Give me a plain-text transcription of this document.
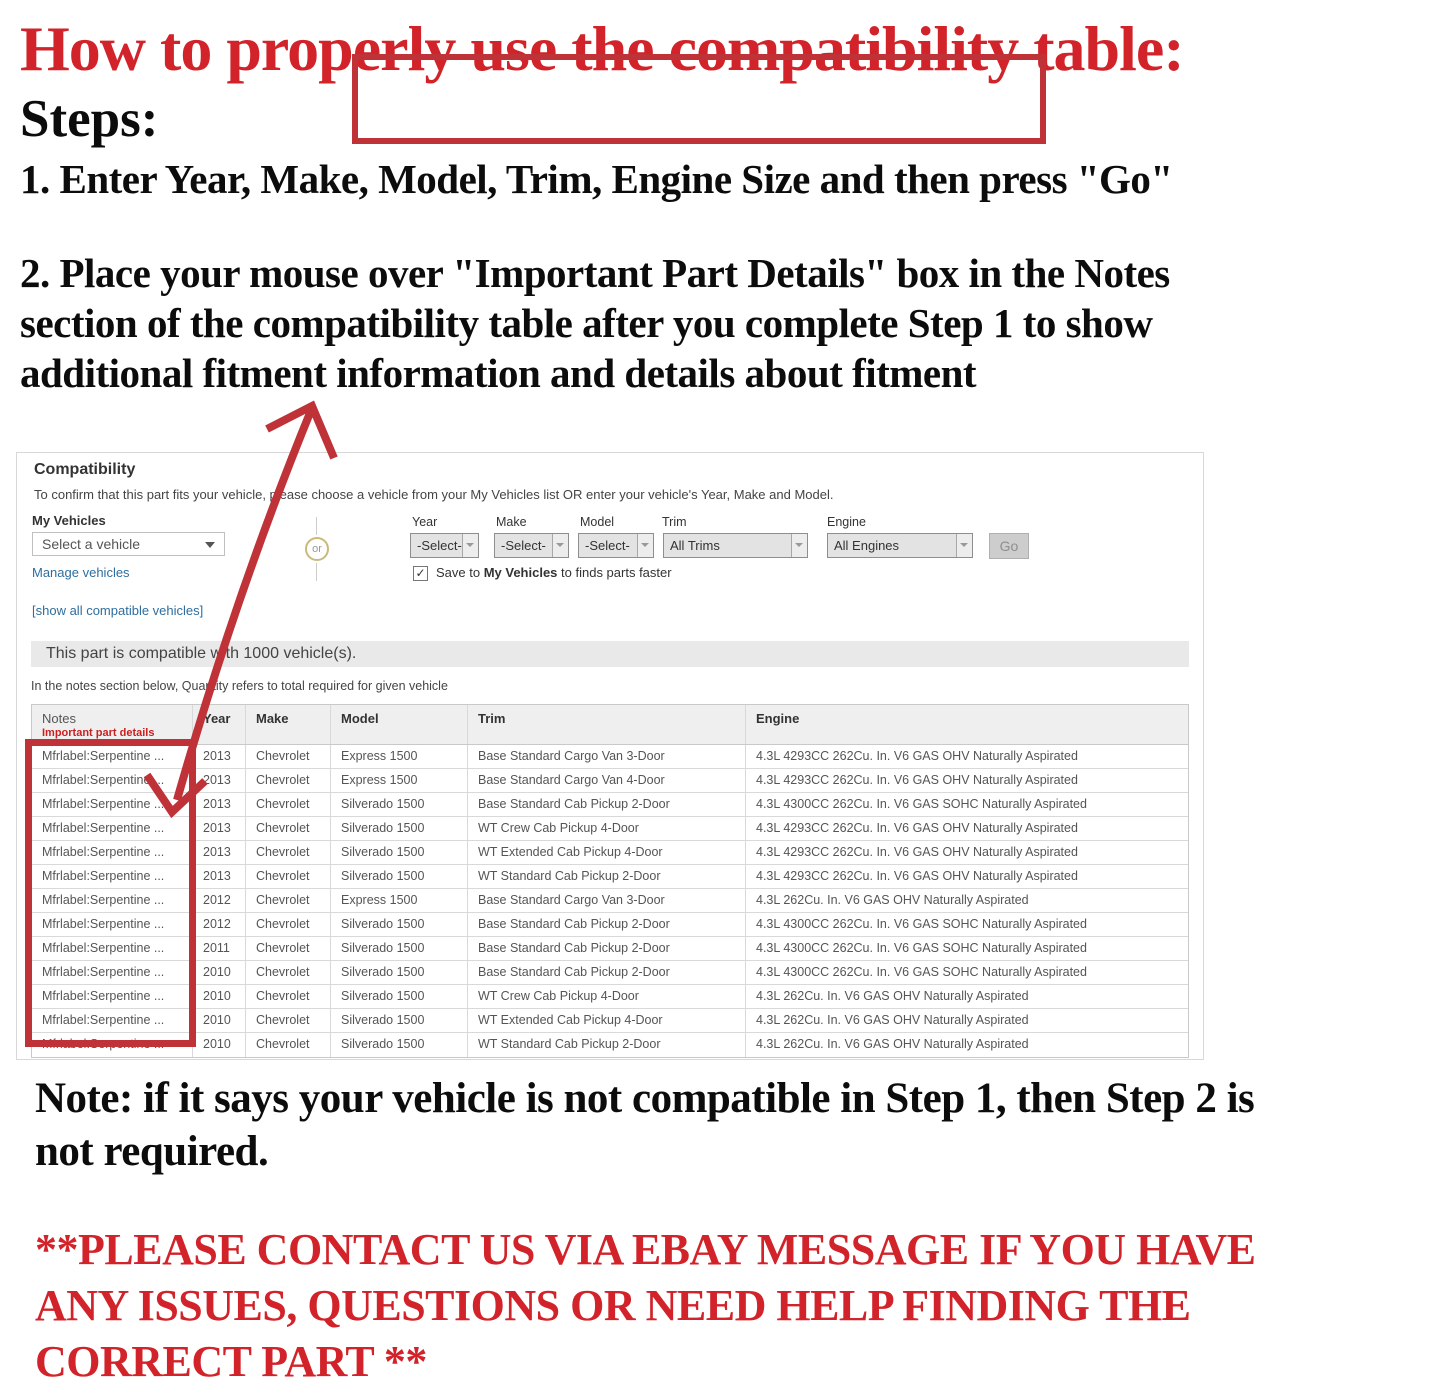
How to properly use the compatibility table:
Steps:
1. Enter Year, Make, Model, Trim, Engine Size and then press "Go"
2. Place your mouse over "Important Part Details" box in the Notes
section of the compatibility table after you complete Step 1 to show
additional fitment information and details about fitment
Compatibility
To confirm that this part fits your vehicle, please choose a vehicle from your My Vehicles list OR enter your vehicle's Year, Make and Model.
My Vehicles
Select a vehicle
Manage vehicles
or
Year	Make	Model	Trim	Engine
-Select-	-Select-	-Select-	All Trims	All Engines	Go
✓ Save to My Vehicles to finds parts faster
[show all compatible vehicles]
This part is compatible with 1000 vehicle(s).
In the notes section below, Quantity refers to total required for given vehicle
Notes
Important part details
Year	Make	Model	Trim	Engine
Mfrlabel:Serpentine ...	2013	Chevrolet	Express 1500	Base Standard Cargo Van 3-Door	4.3L 4293CC 262Cu. In. V6 GAS OHV Naturally Aspirated
Mfrlabel:Serpentine ...	2013	Chevrolet	Express 1500	Base Standard Cargo Van 4-Door	4.3L 4293CC 262Cu. In. V6 GAS OHV Naturally Aspirated
Mfrlabel:Serpentine ...	2013	Chevrolet	Silverado 1500	Base Standard Cab Pickup 2-Door	4.3L 4300CC 262Cu. In. V6 GAS SOHC Naturally Aspirated
Mfrlabel:Serpentine ...	2013	Chevrolet	Silverado 1500	WT Crew Cab Pickup 4-Door	4.3L 4293CC 262Cu. In. V6 GAS OHV Naturally Aspirated
Mfrlabel:Serpentine ...	2013	Chevrolet	Silverado 1500	WT Extended Cab Pickup 4-Door	4.3L 4293CC 262Cu. In. V6 GAS OHV Naturally Aspirated
Mfrlabel:Serpentine ...	2013	Chevrolet	Silverado 1500	WT Standard Cab Pickup 2-Door	4.3L 4293CC 262Cu. In. V6 GAS OHV Naturally Aspirated
Mfrlabel:Serpentine ...	2012	Chevrolet	Express 1500	Base Standard Cargo Van 3-Door	4.3L 262Cu. In. V6 GAS OHV Naturally Aspirated
Mfrlabel:Serpentine ...	2012	Chevrolet	Silverado 1500	Base Standard Cab Pickup 2-Door	4.3L 4300CC 262Cu. In. V6 GAS SOHC Naturally Aspirated
Mfrlabel:Serpentine ...	2011	Chevrolet	Silverado 1500	Base Standard Cab Pickup 2-Door	4.3L 4300CC 262Cu. In. V6 GAS SOHC Naturally Aspirated
Mfrlabel:Serpentine ...	2010	Chevrolet	Silverado 1500	Base Standard Cab Pickup 2-Door	4.3L 4300CC 262Cu. In. V6 GAS SOHC Naturally Aspirated
Mfrlabel:Serpentine ...	2010	Chevrolet	Silverado 1500	WT Crew Cab Pickup 4-Door	4.3L 262Cu. In. V6 GAS OHV Naturally Aspirated
Mfrlabel:Serpentine ...	2010	Chevrolet	Silverado 1500	WT Extended Cab Pickup 4-Door	4.3L 262Cu. In. V6 GAS OHV Naturally Aspirated
Mfrlabel:Serpentine ...	2010	Chevrolet	Silverado 1500	WT Standard Cab Pickup 2-Door	4.3L 262Cu. In. V6 GAS OHV Naturally Aspirated
Note: if it says your vehicle is not compatible in Step 1, then Step 2 is
not required.
**PLEASE CONTACT US VIA EBAY MESSAGE IF YOU HAVE
ANY ISSUES, QUESTIONS OR NEED HELP FINDING THE
CORRECT PART **
